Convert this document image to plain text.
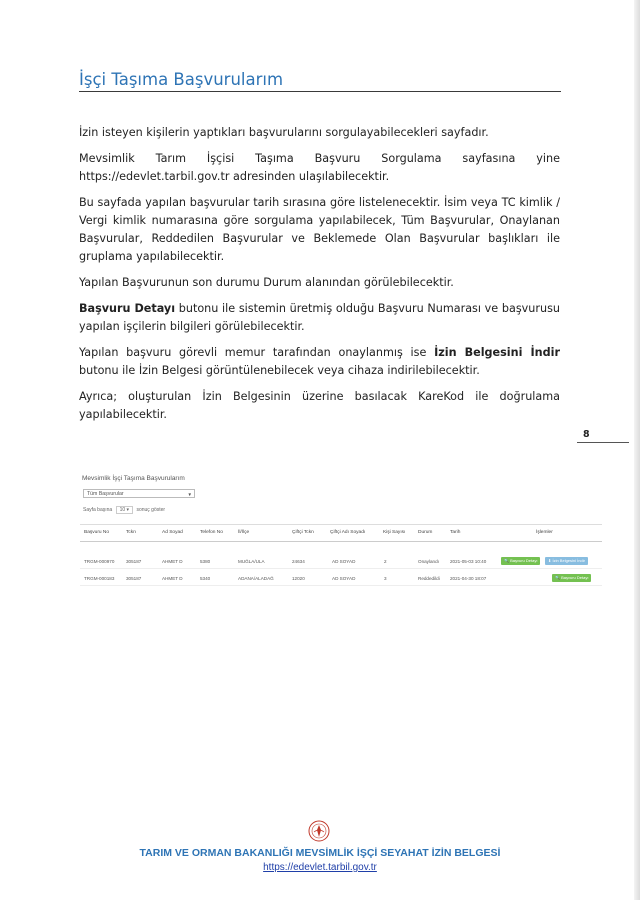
İşçi Taşıma Başvurularım

İzin isteyen kişilerin yaptıkları başvurularını sorgulayabilecekleri sayfadır.

Mevsimlik Tarım İşçisi Taşıma Başvuru Sorgulama sayfasına yine https://edevlet.tarbil.gov.tr adresinden ulaşılabilecektir.

Bu sayfada yapılan başvurular tarih sırasına göre listelenecektir. İsim veya TC kimlik / Vergi kimlik numarasına göre sorgulama yapılabilecek, Tüm Başvurular, Onaylanan Başvurular, Reddedilen Başvurular ve Beklemede Olan Başvurular başlıkları ile gruplama yapılabilecektir.

Yapılan Başvurunun son durumu Durum alanından görülebilecektir.

Başvuru Detayı butonu ile sistemin üretmiş olduğu Başvuru Numarası ve başvurusu yapılan işçilerin bilgileri görülebilecektir.

Yapılan başvuru görevli memur tarafından onaylanmış ise İzin Belgesini İndir butonu ile İzin Belgesi görüntülenebilecek veya cihaza indirilebilecektir.

Ayrıca; oluşturulan İzin Belgesinin üzerine basılacak KareKod ile doğrulama yapılabilecektir.

8
Mevsimlik İşçi Taşıma Başvurularım
Tüm Başvurular	▼
Sayfa başına 10 ▾ sonuç göster
Başvuru No	Tckn	Ad Soyad	Telefon No	İl/İlçe	Çiftçi Tckn	Çiftçi Adı Soyadı	Kişi Sayısı	Durum	Tarih	İşlemler
TRGM-000970	305187	AHMET D	5380	MUĞLA/ULA	24634	AD SOYAD	2	Onaylandı 2021-05-03 10:40	🔍 Başvuru Detayı	⬇ İzin Belgesini İndir
TRGM-000183	305187	AHMET D	5340	ADANA/ALADAĞ	12020	AD SOYAD	3	Reddedildi 2021-04-30 18:07	🔍 Başvuru Detayı
TARIM VE ORMAN BAKANLIĞI MEVSİMLİK İŞÇİ SEYAHAT İZİN BELGESİ
https://edevlet.tarbil.gov.tr
